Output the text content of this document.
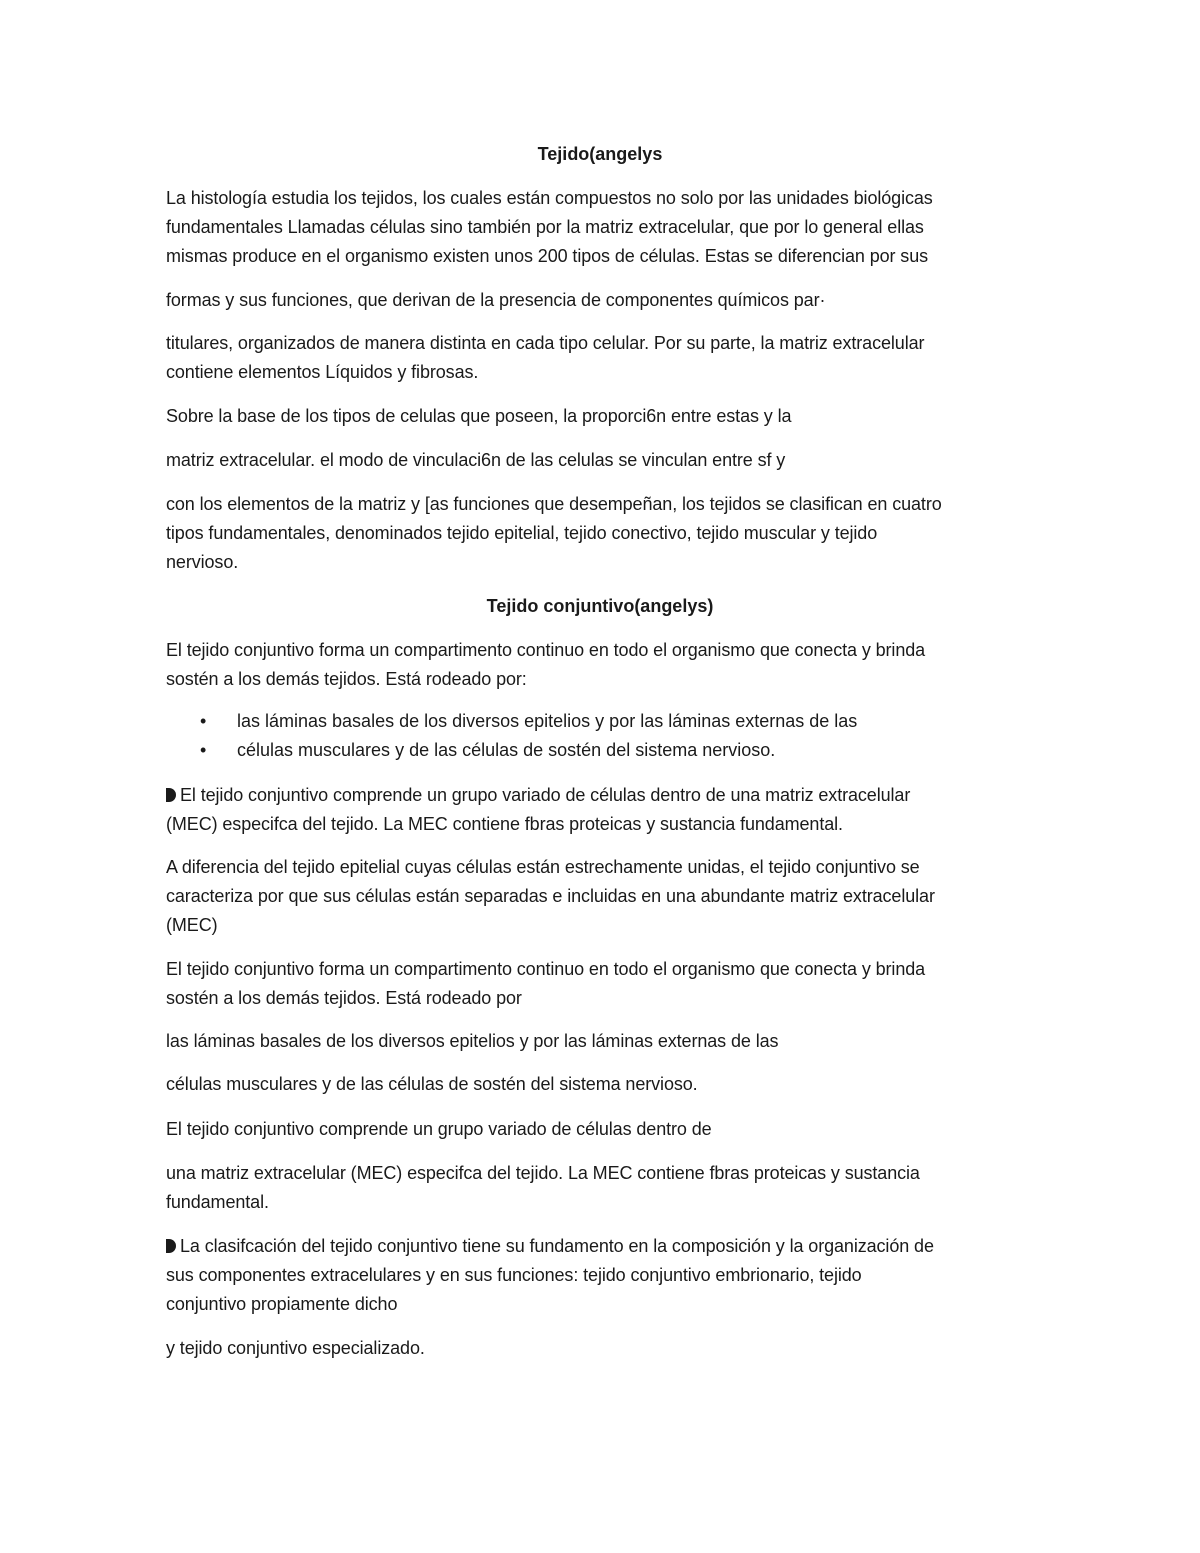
Tejido(angelys
La histología estudia los tejidos, los cuales están compuestos no solo por las unidades biológicas
fundamentales Llamadas células sino también por la matriz extracelular, que por lo general ellas
mismas produce en el organismo existen unos 200 tipos de células. Estas se diferencian por sus
formas y sus funciones, que derivan de la presencia de componentes químicos par·
titulares, organizados de manera distinta en cada tipo celular. Por su parte, la matriz extracelular
contiene elementos Líquidos y fibrosas.
Sobre la base de los tipos de celulas que poseen, la proporci6n entre estas y la
matriz extracelular. el modo de vinculaci6n de las celulas se vinculan entre sf y
con los elementos de la matriz y [as funciones que desempeñan, los tejidos se clasifican en cuatro
tipos fundamentales, denominados tejido epitelial, tejido conectivo, tejido muscular y tejido
nervioso.
Tejido conjuntivo(angelys)
El tejido conjuntivo forma un compartimento continuo en todo el organismo que conecta y brinda
sostén a los demás tejidos. Está rodeado por:
• las láminas basales de los diversos epitelios y por las láminas externas de las
• células musculares y de las células de sostén del sistema nervioso.
El tejido conjuntivo comprende un grupo variado de células dentro de una matriz extracelular
(MEC) especifca del tejido. La MEC contiene fbras proteicas y sustancia fundamental.
A diferencia del tejido epitelial cuyas células están estrechamente unidas, el tejido conjuntivo se
caracteriza por que sus células están separadas e incluidas en una abundante matriz extracelular
(MEC)
El tejido conjuntivo forma un compartimento continuo en todo el organismo que conecta y brinda
sostén a los demás tejidos. Está rodeado por
las láminas basales de los diversos epitelios y por las láminas externas de las
células musculares y de las células de sostén del sistema nervioso.
El tejido conjuntivo comprende un grupo variado de células dentro de
una matriz extracelular (MEC) especifca del tejido. La MEC contiene fbras proteicas y sustancia
fundamental.
La clasifcación del tejido conjuntivo tiene su fundamento en la composición y la organización de
sus componentes extracelulares y en sus funciones: tejido conjuntivo embrionario, tejido
conjuntivo propiamente dicho
y tejido conjuntivo especializado.
